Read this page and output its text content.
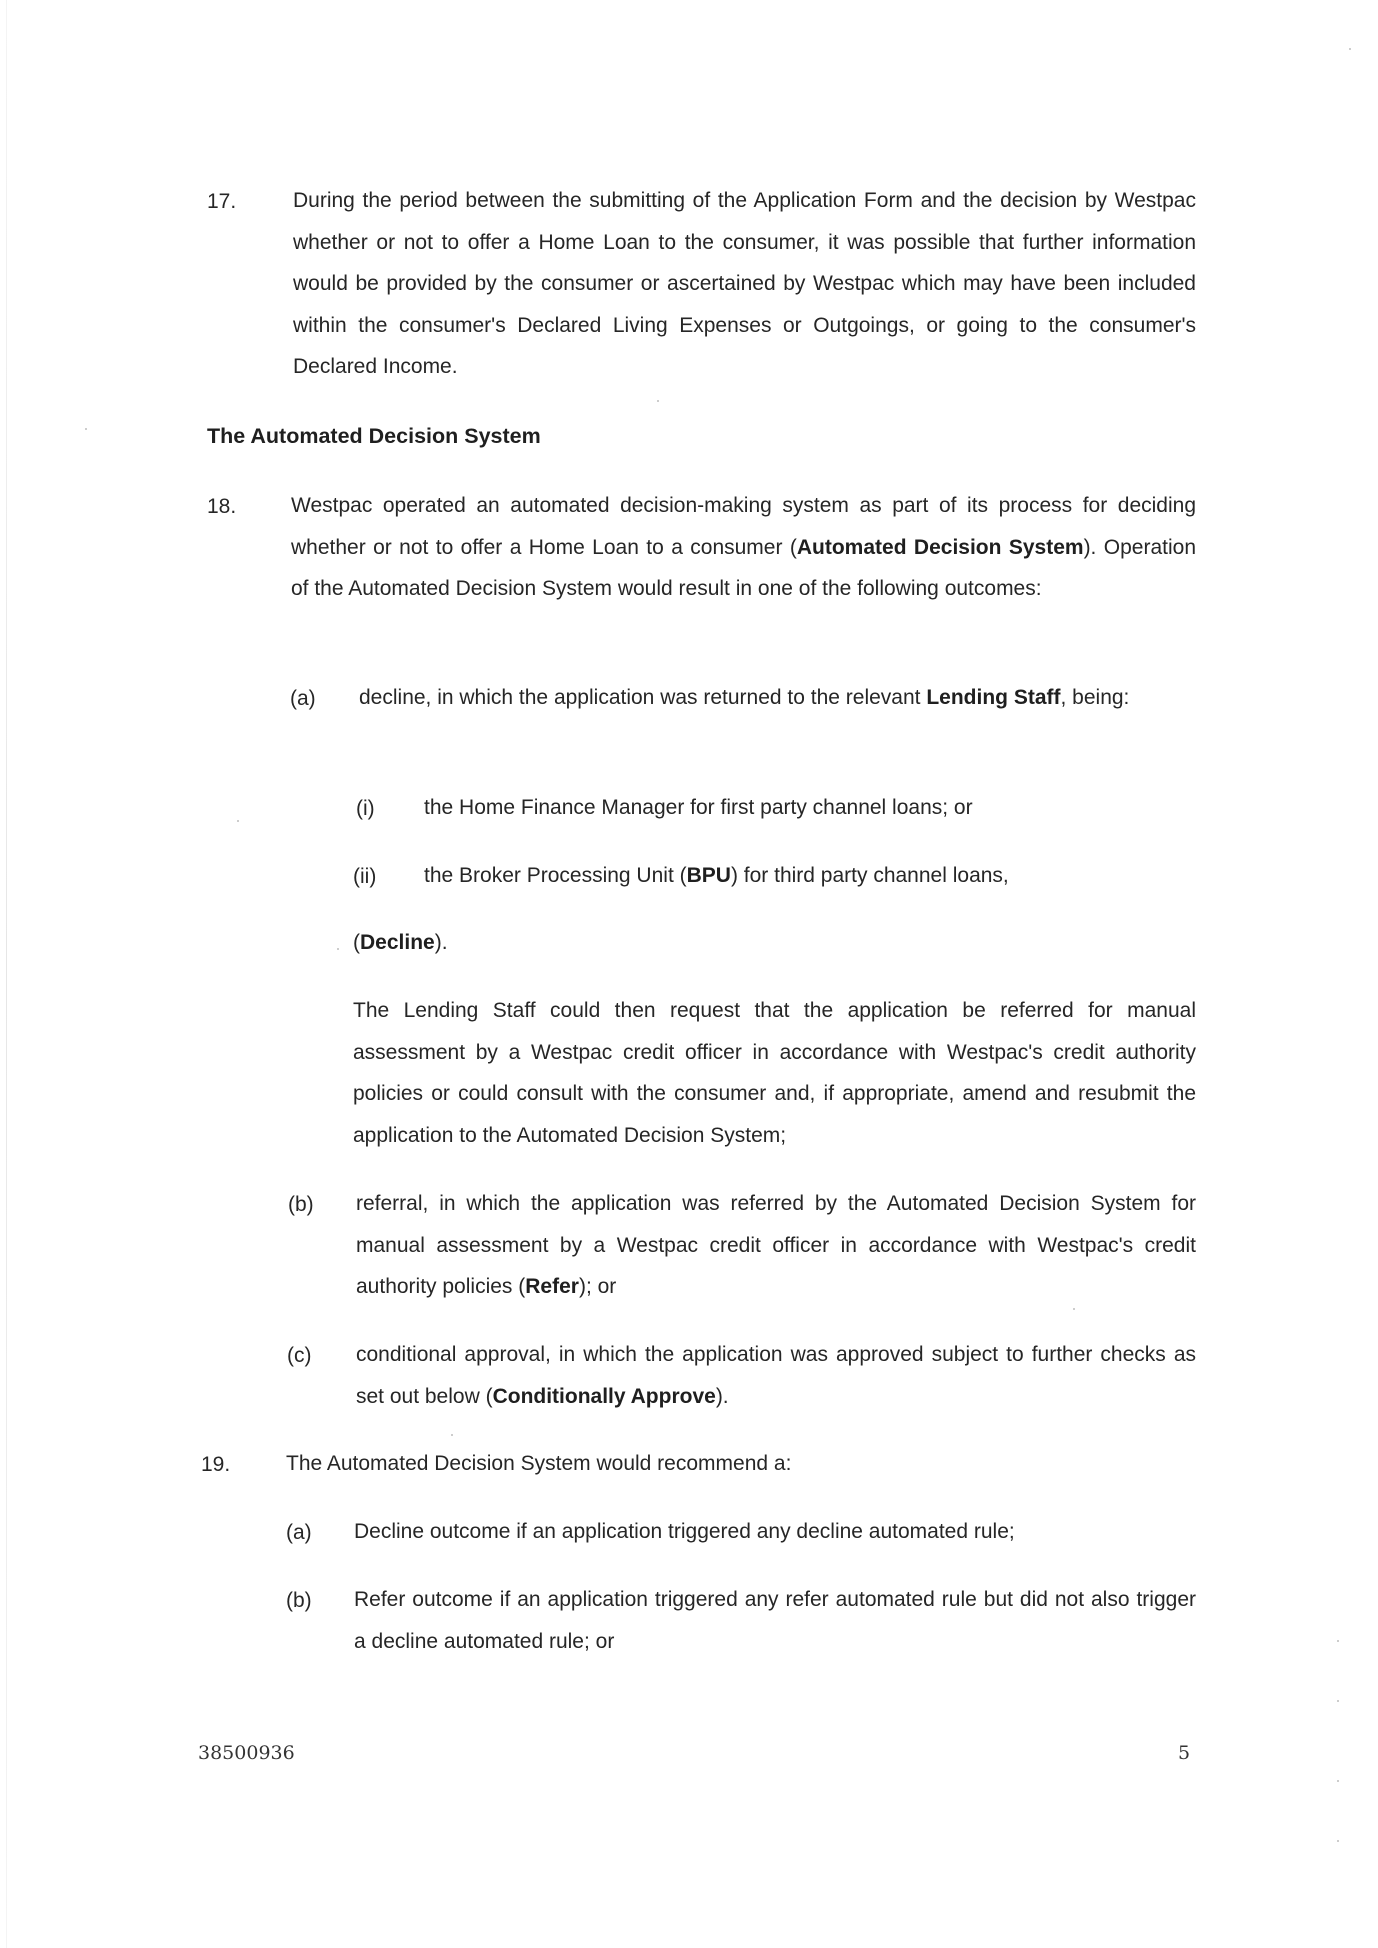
17.	During the period between the submitting of the Application Form and the decision by Westpac whether or not to offer a Home Loan to the consumer, it was possible that further information would be provided by the consumer or ascertained by Westpac which may have been included within the consumer's Declared Living Expenses or Outgoings, or going to the consumer's Declared Income.

The Automated Decision System

18.	Westpac operated an automated decision-making system as part of its process for deciding whether or not to offer a Home Loan to a consumer (Automated Decision System). Operation of the Automated Decision System would result in one of the following outcomes:

(a) decline, in which the application was returned to the relevant Lending Staff, being:

(i) the Home Finance Manager for first party channel loans; or

(ii) the Broker Processing Unit (BPU) for third party channel loans,

(Decline).

The Lending Staff could then request that the application be referred for manual assessment by a Westpac credit officer in accordance with Westpac's credit authority policies or could consult with the consumer and, if appropriate, amend and resubmit the application to the Automated Decision System;

(b) referral, in which the application was referred by the Automated Decision System for manual assessment by a Westpac credit officer in accordance with Westpac's credit authority policies (Refer); or

(c) conditional approval, in which the application was approved subject to further checks as set out below (Conditionally Approve).

19.	The Automated Decision System would recommend a:

(a) Decline outcome if an application triggered any decline automated rule;

(b) Refer outcome if an application triggered any refer automated rule but did not also trigger a decline automated rule; or

38500936	5
